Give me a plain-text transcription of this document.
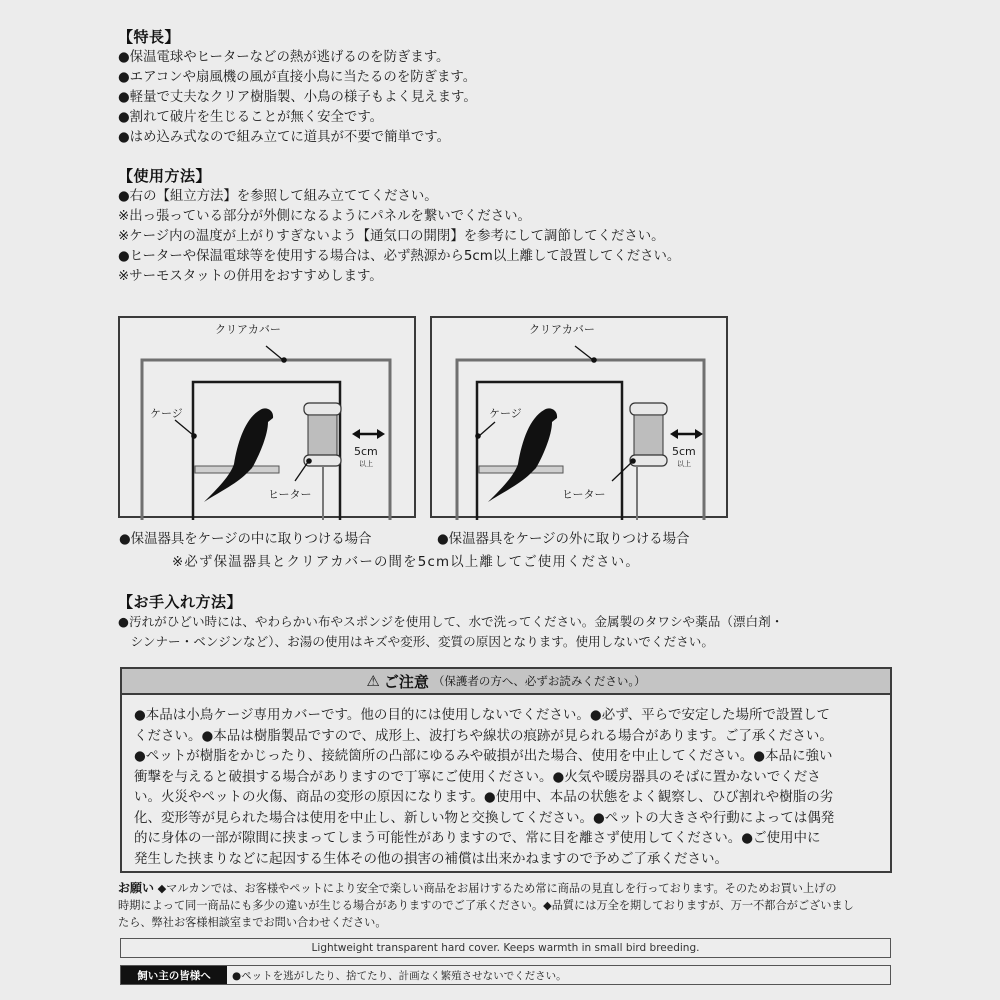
【特長】
●保温電球やヒーターなどの熱が逃げるのを防ぎます。
●エアコンや扇風機の風が直接小鳥に当たるのを防ぎます。
●軽量で丈夫なクリア樹脂製、小鳥の様子もよく見えます。
●割れて破片を生じることが無く安全です。
●はめ込み式なので組み立てに道具が不要で簡単です。
【使用方法】
●右の【組立方法】を参照して組み立ててください。
※出っ張っている部分が外側になるようにパネルを繋いでください。
※ケージ内の温度が上がりすぎないよう【通気口の開閉】を参考にして調節してください。
●ヒーターや保温電球等を使用する場合は、必ず熱源から5cm以上離して設置してください。
※サーモスタットの併用をおすすめします。
クリアカバー
ケージ
ヒーター
5cm
以上
クリアカバー
ケージ
ヒーター
5cm
以上
●保温器具をケージの中に取りつける場合	●保温器具をケージの外に取りつける場合
※必ず保温器具とクリアカバーの間を5cm以上離してご使用ください。
【お手入れ方法】
●汚れがひどい時には、やわらかい布やスポンジを使用して、水で洗ってください。金属製のタワシや薬品（漂白剤・
　シンナー・ベンジンなど）、お湯の使用はキズや変形、変質の原因となります。使用しないでください。
⚠ ご注意 （保護者の方へ、必ずお読みください。）
●本品は小鳥ケージ専用カバーです。他の目的には使用しないでください。●必ず、平らで安定した場所で設置して
ください。●本品は樹脂製品ですので、成形上、波打ちや線状の痕跡が見られる場合があります。ご了承ください。
●ペットが樹脂をかじったり、接続箇所の凸部にゆるみや破損が出た場合、使用を中止してください。●本品に強い
衝撃を与えると破損する場合がありますので丁寧にご使用ください。●火気や暖房器具のそばに置かないでくださ
い。火災やペットの火傷、商品の変形の原因になります。●使用中、本品の状態をよく観察し、ひび割れや樹脂の劣
化、変形等が見られた場合は使用を中止し、新しい物と交換してください。●ペットの大きさや行動によっては偶発
的に身体の一部が隙間に挟まってしまう可能性がありますので、常に目を離さず使用してください。●ご使用中に
発生した挟まりなどに起因する生体その他の損害の補償は出来かねますので予めご了承ください。
お願い ◆マルカンでは、お客様やペットにより安全で楽しい商品をお届けするため常に商品の見直しを行っております。そのためお買い上げの
時期によって同一商品にも多少の違いが生じる場合がありますのでご了承ください。◆品質には万全を期しておりますが、万一不都合がございまし
たら、弊社お客様相談室までお問い合わせください。
Lightweight transparent hard cover. Keeps warmth in small bird breeding.
飼い主の皆様へ	●ペットを逃がしたり、捨てたり、計画なく繁殖させないでください。
